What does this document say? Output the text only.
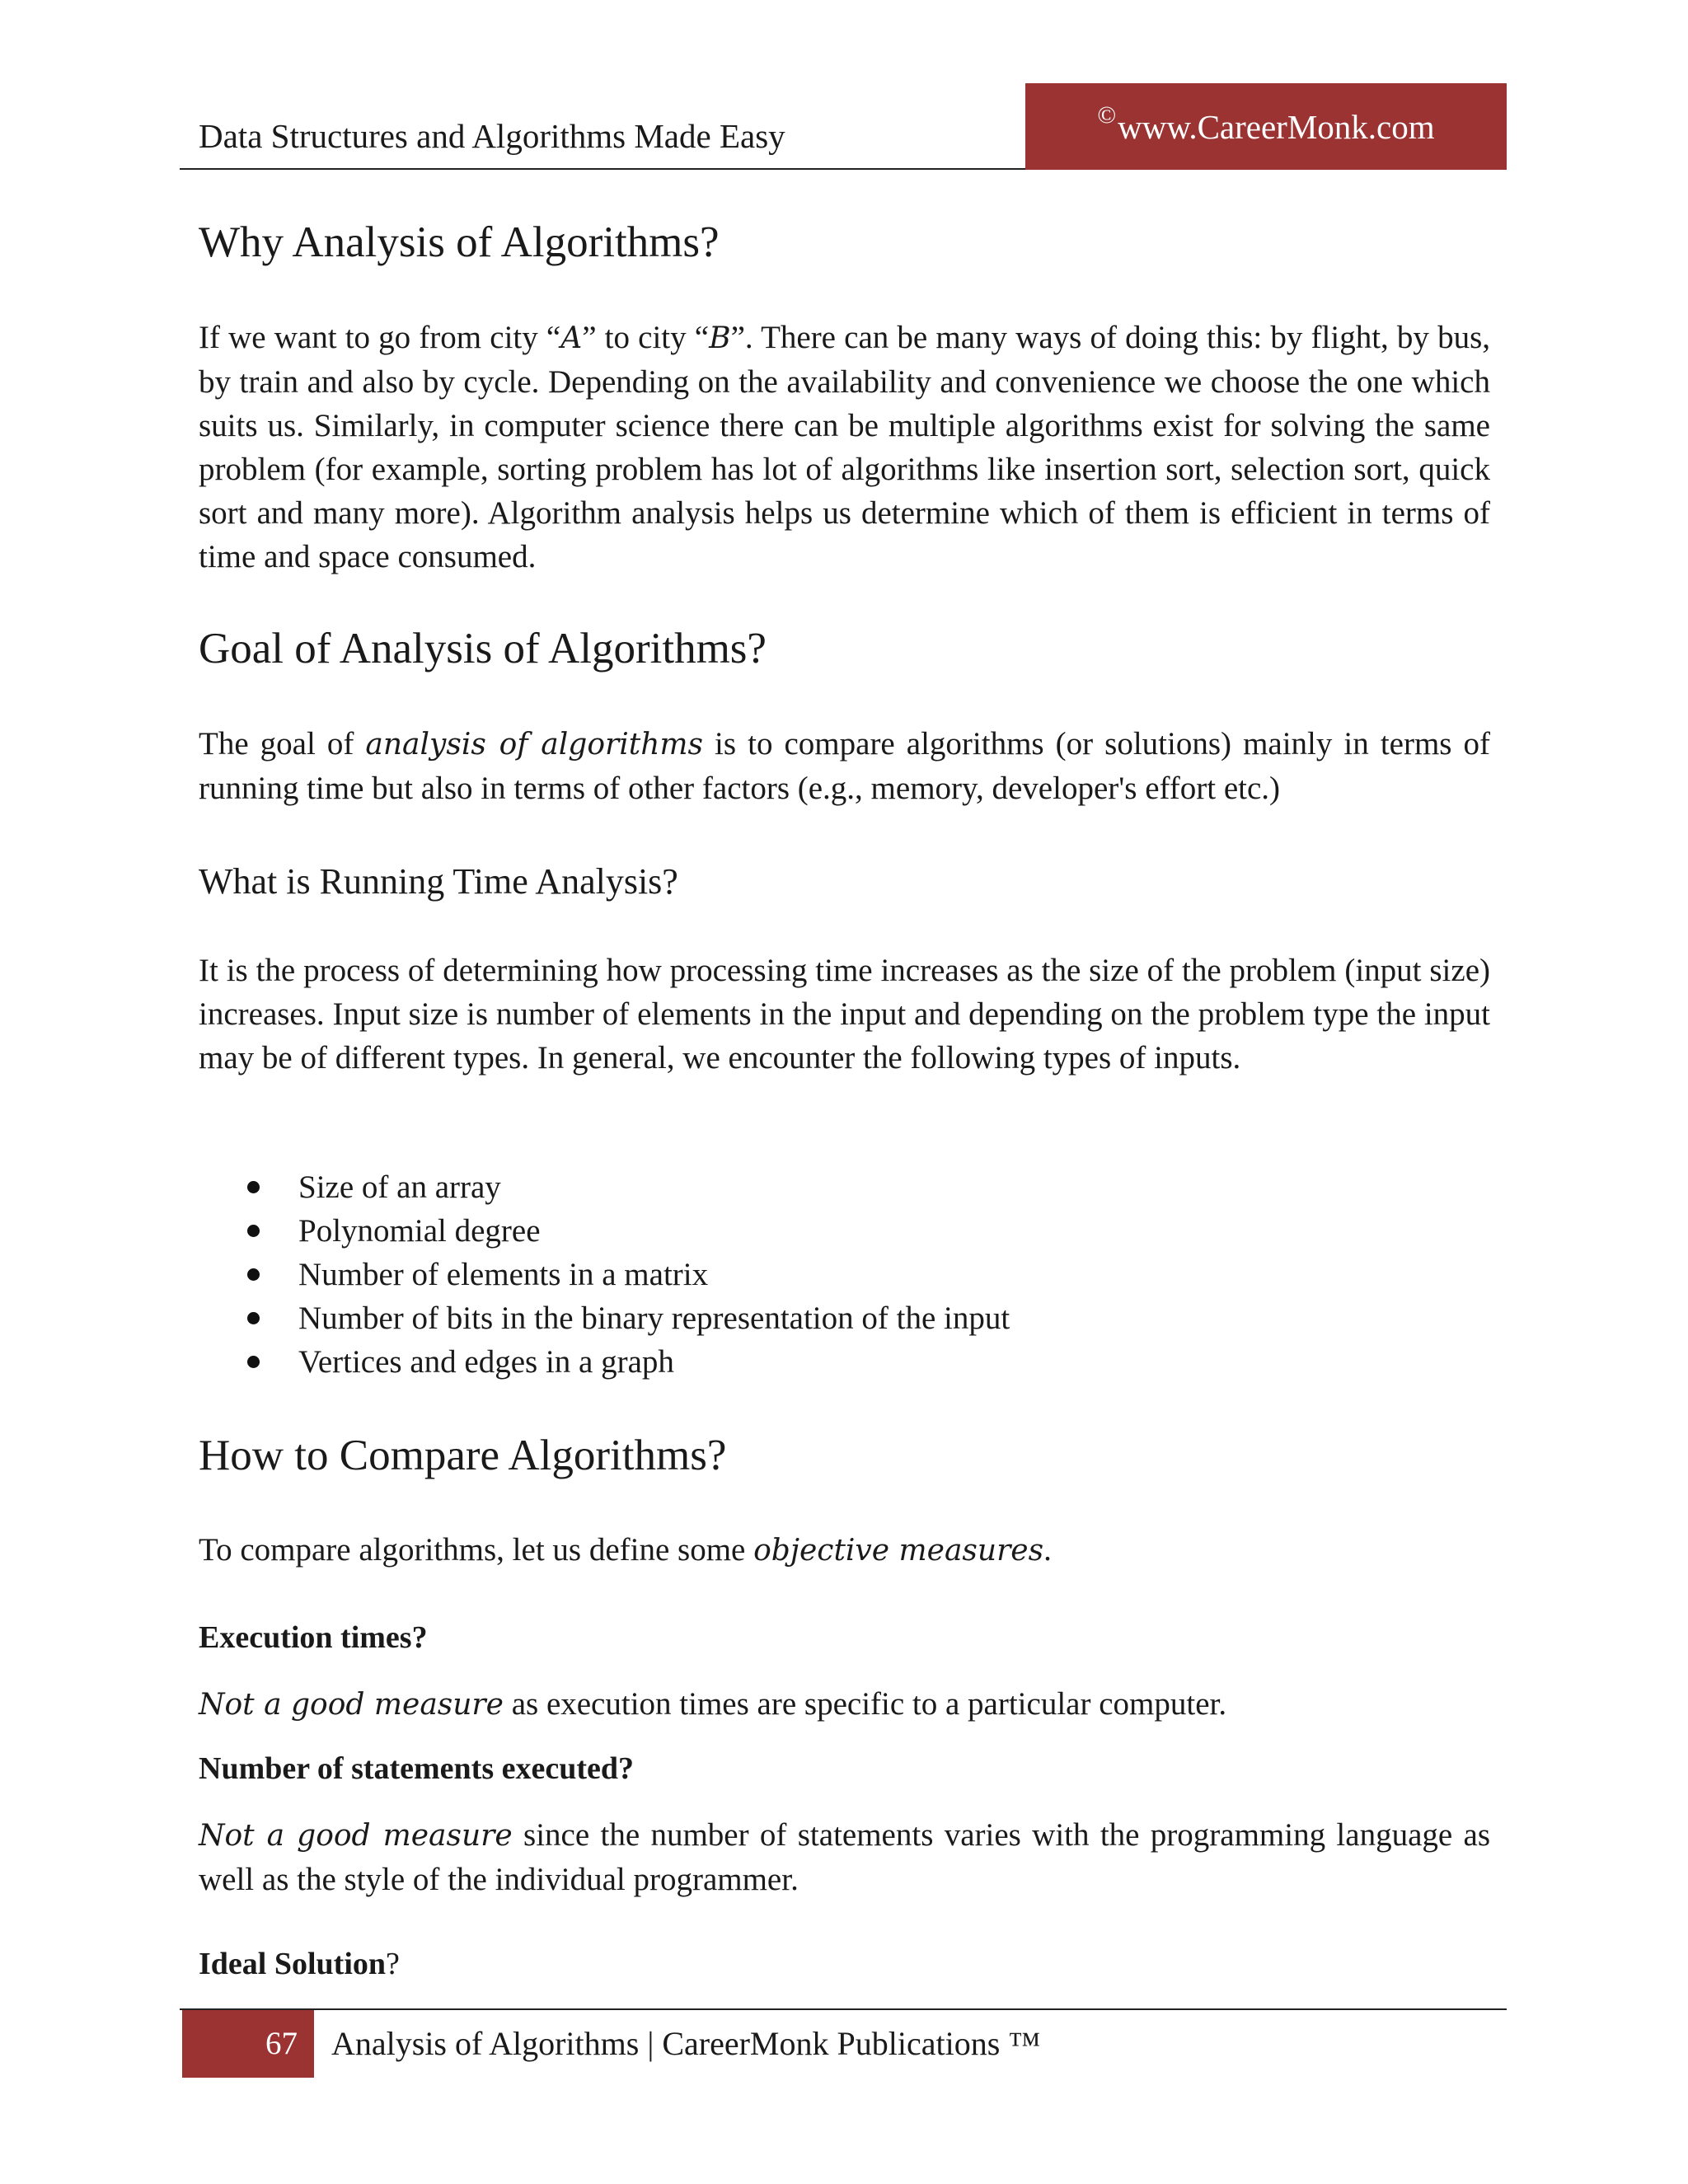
Data Structures and Algorithms Made Easy
© www.CareerMonk.com
Why Analysis of Algorithms?

If we want to go from city “A” to city “B”. There can be many ways of doing this: by flight, by bus, by train and also by cycle. Depending on the availability and convenience we choose the one which suits us. Similarly, in computer science there can be multiple algorithms exist for solving the same problem (for example, sorting problem has lot of algorithms like insertion sort, selection sort, quick sort and many more). Algorithm analysis helps us determine which of them is efficient in terms of time and space consumed.

Goal of Analysis of Algorithms?

The goal of analysis of algorithms is to compare algorithms (or solutions) mainly in terms of running time but also in terms of other factors (e.g., memory, developer's effort etc.)

What is Running Time Analysis?

It is the process of determining how processing time increases as the size of the problem (input size) increases. Input size is number of elements in the input and depending on the problem type the input may be of different types. In general, we encounter the following types of inputs.

Size of an array
Polynomial degree
Number of elements in a matrix
Number of bits in the binary representation of the input
Vertices and edges in a graph
How to Compare Algorithms?

To compare algorithms, let us define some objective measures.

Execution times?

Not a good measure as execution times are specific to a particular computer.

Number of statements executed?

Not a good measure since the number of statements varies with the programming language as well as the style of the individual programmer.

Ideal Solution?
67	Analysis of Algorithms | CareerMonk Publications ™
